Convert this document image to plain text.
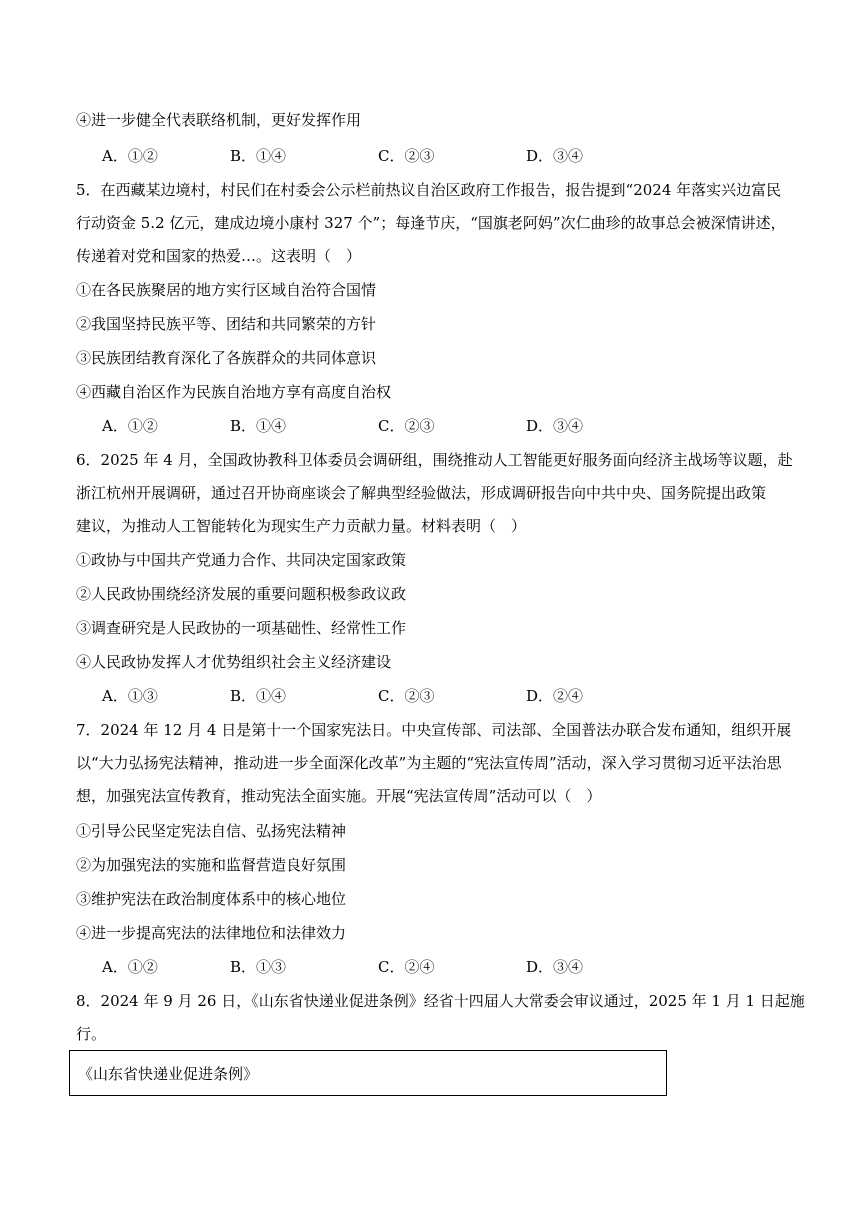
④进一步健全代表联络机制，更好发挥作用
A．①②	B．①④	C．②③	D．③④
5．在西藏某边境村，村民们在村委会公示栏前热议自治区政府工作报告，报告提到“2024 年落实兴边富民
行动资金 5.2 亿元，建成边境小康村 327 个”；每逢节庆，“国旗老阿妈”次仁曲珍的故事总会被深情讲述，
传递着对党和国家的热爱…。这表明（　）
①在各民族聚居的地方实行区域自治符合国情
②我国坚持民族平等、团结和共同繁荣的方针
③民族团结教育深化了各族群众的共同体意识
④西藏自治区作为民族自治地方享有高度自治权
A．①②	B．①④	C．②③	D．③④
6．2025 年 4 月，全国政协教科卫体委员会调研组，围绕推动人工智能更好服务面向经济主战场等议题，赴
浙江杭州开展调研，通过召开协商座谈会了解典型经验做法，形成调研报告向中共中央、国务院提出政策
建议，为推动人工智能转化为现实生产力贡献力量。材料表明（　）
①政协与中国共产党通力合作、共同决定国家政策
②人民政协围绕经济发展的重要问题积极参政议政
③调查研究是人民政协的一项基础性、经常性工作
④人民政协发挥人才优势组织社会主义经济建设
A．①③	B．①④	C．②③	D．②④
7．2024 年 12 月 4 日是第十一个国家宪法日。中央宣传部、司法部、全国普法办联合发布通知，组织开展
以“大力弘扬宪法精神，推动进一步全面深化改革”为主题的“宪法宣传周”活动，深入学习贯彻习近平法治思
想，加强宪法宣传教育，推动宪法全面实施。开展“宪法宣传周”活动可以（　）
①引导公民坚定宪法自信、弘扬宪法精神
②为加强宪法的实施和监督营造良好氛围
③维护宪法在政治制度体系中的核心地位
④进一步提高宪法的法律地位和法律效力
A．①②	B．①③	C．②④	D．③④
8．2024 年 9 月 26 日，《山东省快递业促进条例》经省十四届人大常委会审议通过，2025 年 1 月 1 日起施
行。
《山东省快递业促进条例》
